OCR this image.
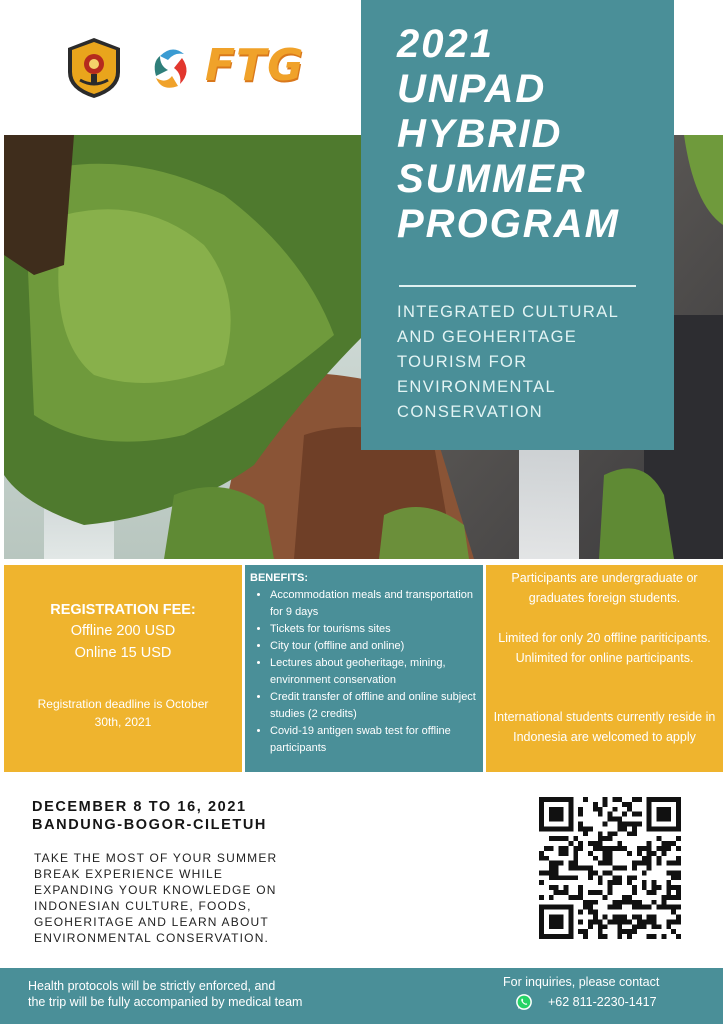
FTG 2021
UNPAD
HYBRID
SUMMER
PROGRAM
INTEGRATED CULTURAL
AND GEOHERITAGE
TOURISM FOR
ENVIRONMENTAL
CONSERVATION
REGISTRATION FEE:
Offline 200 USD
Online 15 USD
Registration deadline is October 30th, 2021
BENEFITS:
• Accommodation meals and transportation for 9 days
• Tickets for tourisms sites
• City tour (offline and online)
• Lectures about geoheritage, mining, environment conservation
• Credit transfer of offline and online subject studies (2 credits)
• Covid-19 antigen swab test for offline participants
Participants are undergraduate or graduates foreign students.
Limited for only 20 offline pariticipants. Unlimited for online participants.
International students currently reside in Indonesia are welcomed to apply
DECEMBER 8 TO 16, 2021
BANDUNG-BOGOR-CILETUH
TAKE THE MOST OF YOUR SUMMER
BREAK EXPERIENCE WHILE
EXPANDING YOUR KNOWLEDGE ON
INDONESIAN CULTURE, FOODS,
GEOHERITAGE AND LEARN ABOUT
ENVIRONMENTAL CONSERVATION.
Health protocols will be strictly enforced, and
the trip will be fully accompanied by medical team
For inquiries, please contact
+62 811-2230-1417
